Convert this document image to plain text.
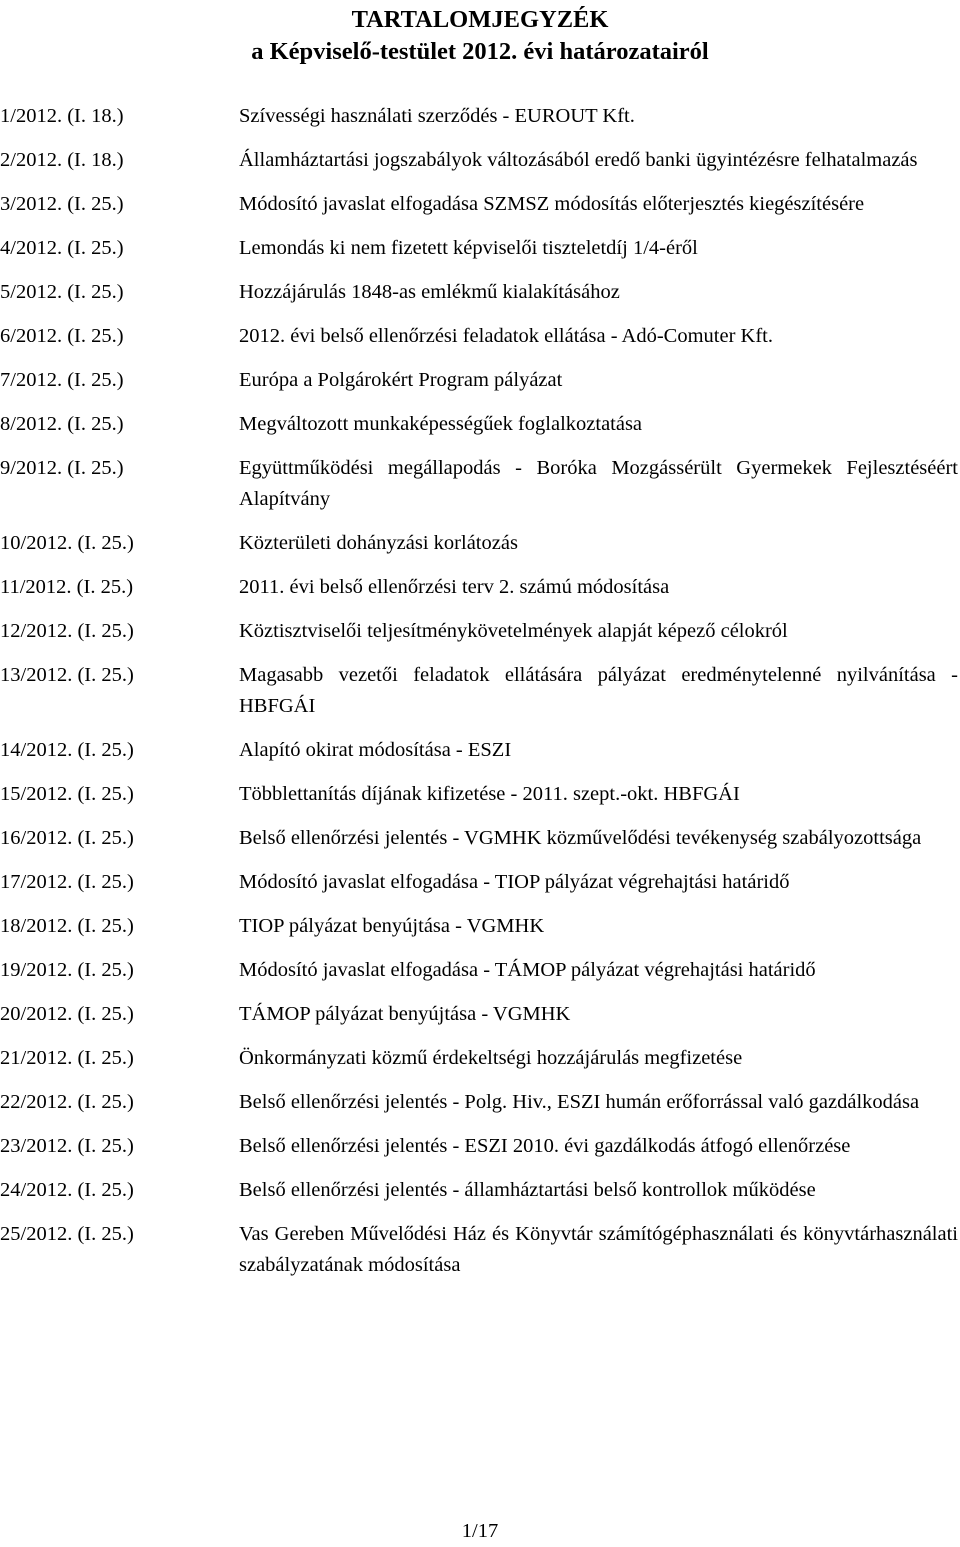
TARTALOMJEGYZÉK
a Képviselő-testület 2012. évi határozatairól
1/2012. (I. 18.)	Szívességi használati szerződés - EUROUT Kft.
2/2012. (I. 18.)	Államháztartási jogszabályok változásából eredő banki ügyintézésre felhatalmazás
3/2012. (I. 25.)	Módosító javaslat elfogadása SZMSZ módosítás előterjesztés kiegészítésére
4/2012. (I. 25.)	Lemondás ki nem fizetett képviselői tiszteletdíj 1/4-éről
5/2012. (I. 25.)	Hozzájárulás 1848-as emlékmű kialakításához
6/2012. (I. 25.)	2012. évi belső ellenőrzési feladatok ellátása - Adó-Comuter Kft.
7/2012. (I. 25.)	Európa a Polgárokért Program pályázat
8/2012. (I. 25.)	Megváltozott munkaképességűek foglalkoztatása
9/2012. (I. 25.)	Együttműködési megállapodás - Boróka Mozgássérült Gyermekek Fejlesztéséért Alapítvány
10/2012. (I. 25.)	Közterületi dohányzási korlátozás
11/2012. (I. 25.)	2011. évi belső ellenőrzési terv 2. számú módosítása
12/2012. (I. 25.)	Köztisztviselői teljesítménykövetelmények alapját képező célokról
13/2012. (I. 25.)	Magasabb vezetői feladatok ellátására pályázat eredménytelenné nyilvánítása - HBFGÁI
14/2012. (I. 25.)	Alapító okirat módosítása - ESZI
15/2012. (I. 25.)	Többlettanítás díjának kifizetése - 2011. szept.-okt. HBFGÁI
16/2012. (I. 25.)	Belső ellenőrzési jelentés - VGMHK közművelődési tevékenység szabályozottsága
17/2012. (I. 25.)	Módosító javaslat elfogadása - TIOP pályázat végrehajtási határidő
18/2012. (I. 25.)	TIOP pályázat benyújtása - VGMHK
19/2012. (I. 25.)	Módosító javaslat elfogadása - TÁMOP pályázat végrehajtási határidő
20/2012. (I. 25.)	TÁMOP pályázat benyújtása - VGMHK
21/2012. (I. 25.)	Önkormányzati közmű érdekeltségi hozzájárulás megfizetése
22/2012. (I. 25.)	Belső ellenőrzési jelentés - Polg. Hiv., ESZI humán erőforrással való gazdálkodása
23/2012. (I. 25.)	Belső ellenőrzési jelentés - ESZI 2010. évi gazdálkodás átfogó ellenőrzése
24/2012. (I. 25.)	Belső ellenőrzési jelentés - államháztartási belső kontrollok működése
25/2012. (I. 25.)	Vas Gereben Művelődési Ház és Könyvtár számítógéphasználati és könyvtárhasználati szabályzatának módosítása
1/17
